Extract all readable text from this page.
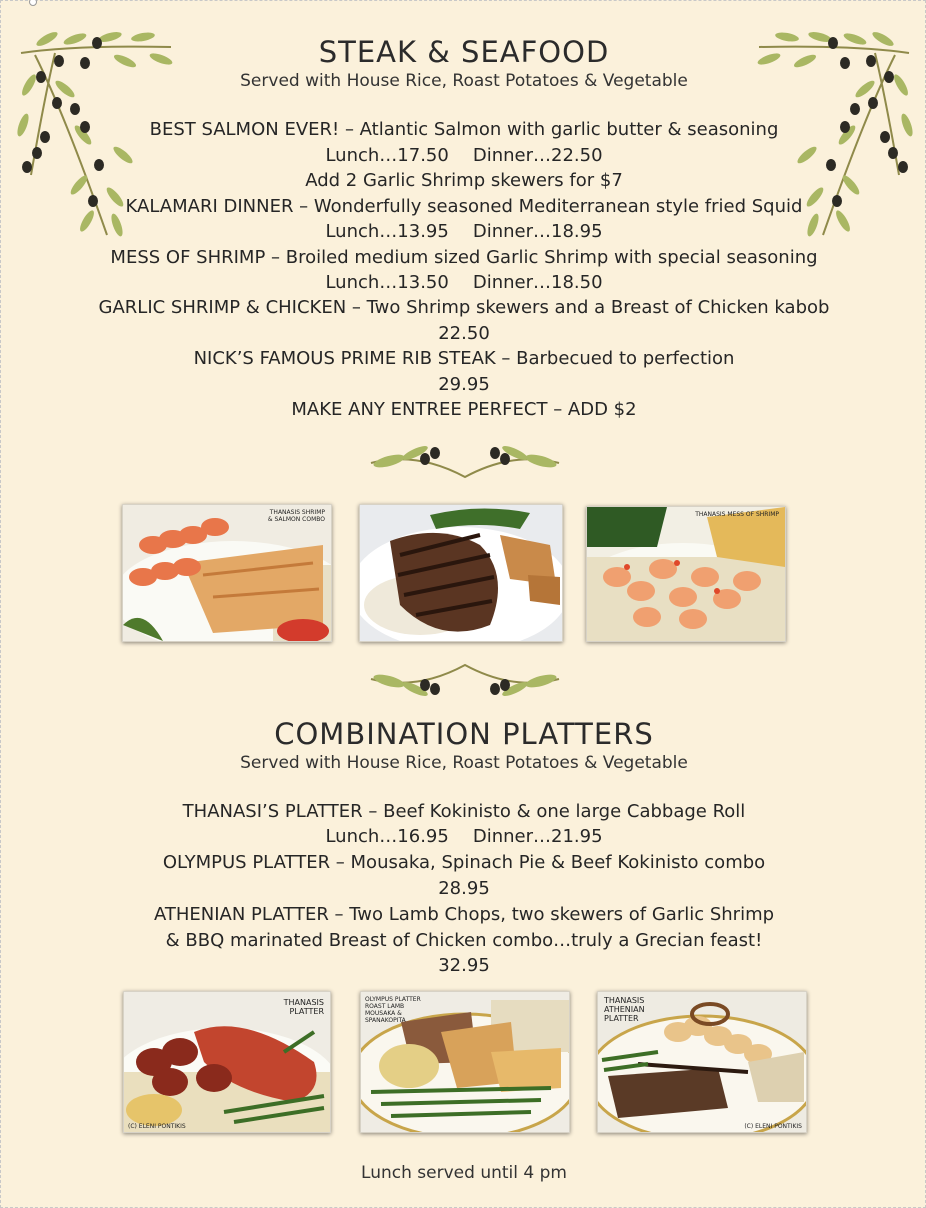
STEAK & SEAFOOD
Served with House Rice, Roast Potatoes & Vegetable
BEST SALMON EVER! – Atlantic Salmon with garlic butter & seasoning
Lunch…17.50 Dinner…22.50
Add 2 Garlic Shrimp skewers for $7
KALAMARI DINNER – Wonderfully seasoned Mediterranean style fried Squid
Lunch…13.95 Dinner…18.95
MESS OF SHRIMP – Broiled medium sized Garlic Shrimp with special seasoning
Lunch…13.50 Dinner…18.50
GARLIC SHRIMP & CHICKEN – Two Shrimp skewers and a Breast of Chicken kabob
22.50
NICK’S FAMOUS PRIME RIB STEAK – Barbecued to perfection
29.95
MAKE ANY ENTREE PERFECT – ADD $2
THANASIS SHRIMP
& SALMON COMBO
THANASIS MESS OF SHRIMP
COMBINATION PLATTERS
Served with House Rice, Roast Potatoes & Vegetable
THANASI’S PLATTER – Beef Kokinisto & one large Cabbage Roll
Lunch…16.95 Dinner…21.95
OLYMPUS PLATTER – Mousaka, Spinach Pie & Beef Kokinisto combo
28.95
ATHENIAN PLATTER – Two Lamb Chops, two skewers of Garlic Shrimp
& BBQ marinated Breast of Chicken combo…truly a Grecian feast!
32.95
THANASIS
PLATTER
(C) ELENI PONTIKIS
OLYMPUS PLATTER
ROAST LAMB
MOUSAKA &
SPANAKOPITA
THANASIS
ATHENIAN
PLATTER
(C) ELENI PONTIKIS
Lunch served until 4 pm
